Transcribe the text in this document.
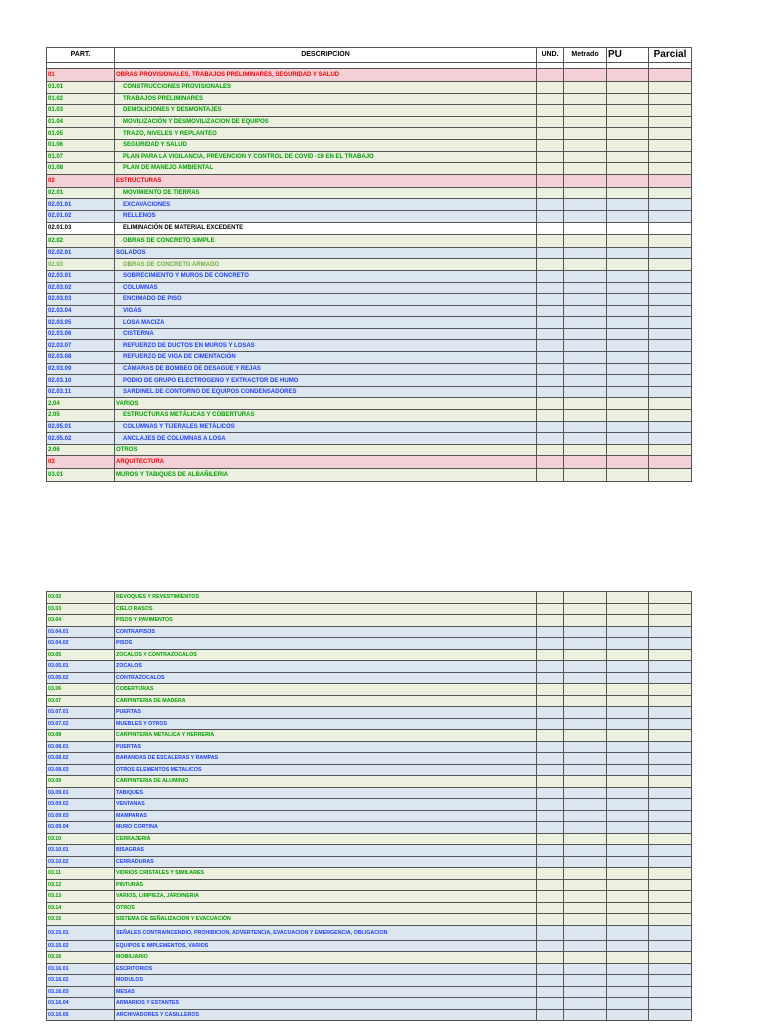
PART.	DESCRIPCION	UND.	Metrado	PU	Parcial

01	OBRAS PROVISIONALES, TRABAJOS PRELIMINARES, SEGURIDAD Y SALUD				
01.01	CONSTRUCCIONES PROVISIONALES				
01.02	TRABAJOS PRELIMINARES				
01.03	DEMOLICIONES Y DESMONTAJES				
01.04	MOVILIZACIÓN Y DESMOVILIZACION DE EQUIPOS				
01.05	TRAZO, NIVELES Y REPLANTEO				
01.06	SEGURIDAD Y SALUD				
01.07	PLAN PARA LA VIGILANCIA, PREVENCION Y CONTROL DE COVID -19 EN EL TRABAJO				
01.08	PLAN DE MANEJO AMBIENTAL				
02	ESTRUCTURAS				
02.01	MOVIMIENTO DE TIERRAS				
02.01.01	EXCAVACIONES				
02.01.02	RELLENOS				
02.01.03	ELIMINACIÓN DE MATERIAL EXCEDENTE				
02.02	OBRAS DE CONCRETO SIMPLE				
02.02.01	SOLADOS				
02.03	OBRAS DE CONCRETO ARMADO				
02.03.01	SOBRECIMIENTO Y MUROS DE CONCRETO				
02.03.02	COLUMNAS				
02.03.03	ENCIMADO DE PISO				
02.03.04	VIGAS				
02.03.05	LOSA MACIZA				
02.03.06	CISTERNA				
02.03.07	REFUERZO DE DUCTOS EN MUROS Y LOSAS				
02.03.08	REFUERZO DE VIGA DE CIMENTACIÓN				
02.03.09	CÁMARAS DE BOMBEO DE DESAGUE Y REJAS				
02.03.10	PODIO DE GRUPO ELECTROGENO Y EXTRACTOR DE HUMO				
02.03.11	SARDINEL DE CONTORNO DE EQUIPOS CONDENSADORES				
2.04	VARIOS				
2.05	ESTRUCTURAS METÁLICAS Y COBERTURAS				
02.05.01	COLUMNAS Y TIJERALES METÁLICOS				
02.05.02	ANCLAJES DE COLUMNAS A LOSA				
2.06	OTROS				
03	ARQUITECTURA				
03.01	MUROS Y TABIQUES DE ALBAÑILERIA				
03.02	REVOQUES Y REVESTIMIENTOS				
03.03	CIELO RASOS				
03.04	PISOS Y PAVIMENTOS				
03.04.01	CONTRAPISOS				
03.04.02	PISOS				
03.05	ZOCALOS Y CONTRAZOCALOS				
03.05.01	ZOCALOS				
03.05.02	CONTRAZOCALOS				
03.06	COBERTURAS				
03.07	CARPINTERIA DE MADERA				
03.07.01	PUERTAS				
03.07.02	MUEBLES Y OTROS				
03.08	CARPINTERIA METALICA Y HERRERIA				
03.08.01	PUERTAS				
03.08.02	BARANDAS DE ESCALERAS Y RAMPAS				
03.08.03	OTROS ELEMENTOS METALICOS				
03.09	CARPINTERIA DE ALUMINIO				
03.09.01	TABIQUES				
03.09.02	VENTANAS				
03.09.03	MAMPARAS				
03.09.04	MURO CORTINA				
03.10	CERRAJERIA				
03.10.01	BISAGRAS				
03.10.02	CERRADURAS				
03.11	VIDRIOS CRISTALES Y SIMILARES				
03.12	PINTURAS				
03.13	VARIOS, LIMPIEZA, JARDINERIA				
03.14	OTROS				
03.15	SISTEMA DE SEÑALIZACION Y EVACUACIÓN				
03.15.01	SEÑALES CONTRAINCENDIO, PROHIBICION, ADVERTENCIA, EVACUACION Y EMERGENCIA, OBLIGACION				
03.15.02	EQUIPOS E IMPLEMENTOS, VARIOS				
03.16	MOBILIARIO				
03.16.01	ESCRITORIOS				
03.16.02	MODULOS				
03.16.03	MESAS				
03.16.04	ARMARIOS Y ESTANTES				
03.16.05	ARCHIVADORES Y CASILLEROS				
